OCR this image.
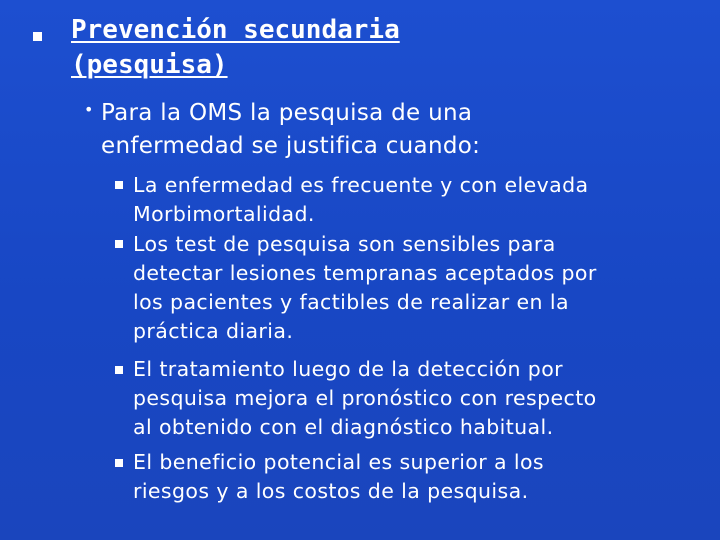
Prevención secundaria
(pesquisa)
• Para la OMS la pesquisa de una
enfermedad se justifica cuando:
La enfermedad es frecuente y con elevada
Morbimortalidad.
Los test de pesquisa son sensibles para
detectar lesiones tempranas aceptados por
los pacientes y factibles de realizar en la
práctica diaria.
El tratamiento luego de la detección por
pesquisa mejora el pronóstico con respecto
al obtenido con el diagnóstico habitual.
El beneficio potencial es superior a los
riesgos y a los costos de la pesquisa.
